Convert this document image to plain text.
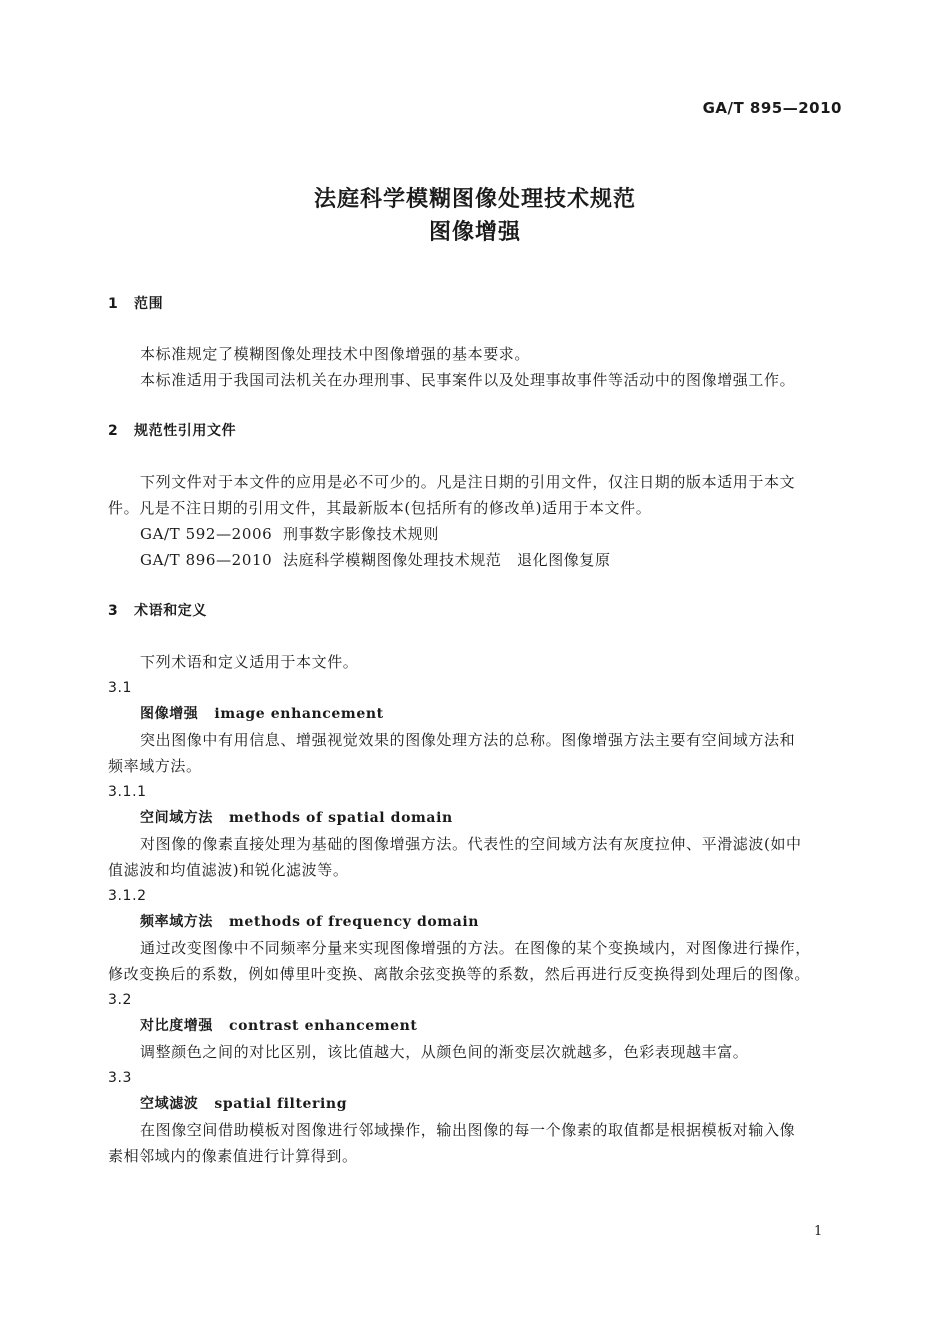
GA/T 895—2010
法庭科学模糊图像处理技术规范
图像增强
1 范围
本标准规定了模糊图像处理技术中图像增强的基本要求。
本标准适用于我国司法机关在办理刑事、民事案件以及处理事故事件等活动中的图像增强工作。
2 规范性引用文件
下列文件对于本文件的应用是必不可少的。凡是注日期的引用文件，仅注日期的版本适用于本文
件。凡是不注日期的引用文件，其最新版本(包括所有的修改单)适用于本文件。
GA/T 592—2006 刑事数字影像技术规则
GA/T 896—2010 法庭科学模糊图像处理技术规范　退化图像复原
3 术语和定义
下列术语和定义适用于本文件。
3.1
图像增强 image enhancement
突出图像中有用信息、增强视觉效果的图像处理方法的总称。图像增强方法主要有空间域方法和
频率域方法。
3.1.1
空间域方法 methods of spatial domain
对图像的像素直接处理为基础的图像增强方法。代表性的空间域方法有灰度拉伸、平滑滤波(如中
值滤波和均值滤波)和锐化滤波等。
3.1.2
频率域方法 methods of frequency domain
通过改变图像中不同频率分量来实现图像增强的方法。在图像的某个变换域内，对图像进行操作，
修改变换后的系数，例如傅里叶变换、离散余弦变换等的系数，然后再进行反变换得到处理后的图像。
3.2
对比度增强 contrast enhancement
调整颜色之间的对比区别，该比值越大，从颜色间的渐变层次就越多，色彩表现越丰富。
3.3
空域滤波 spatial filtering
在图像空间借助模板对图像进行邻域操作，输出图像的每一个像素的取值都是根据模板对输入像
素相邻域内的像素值进行计算得到。
1
